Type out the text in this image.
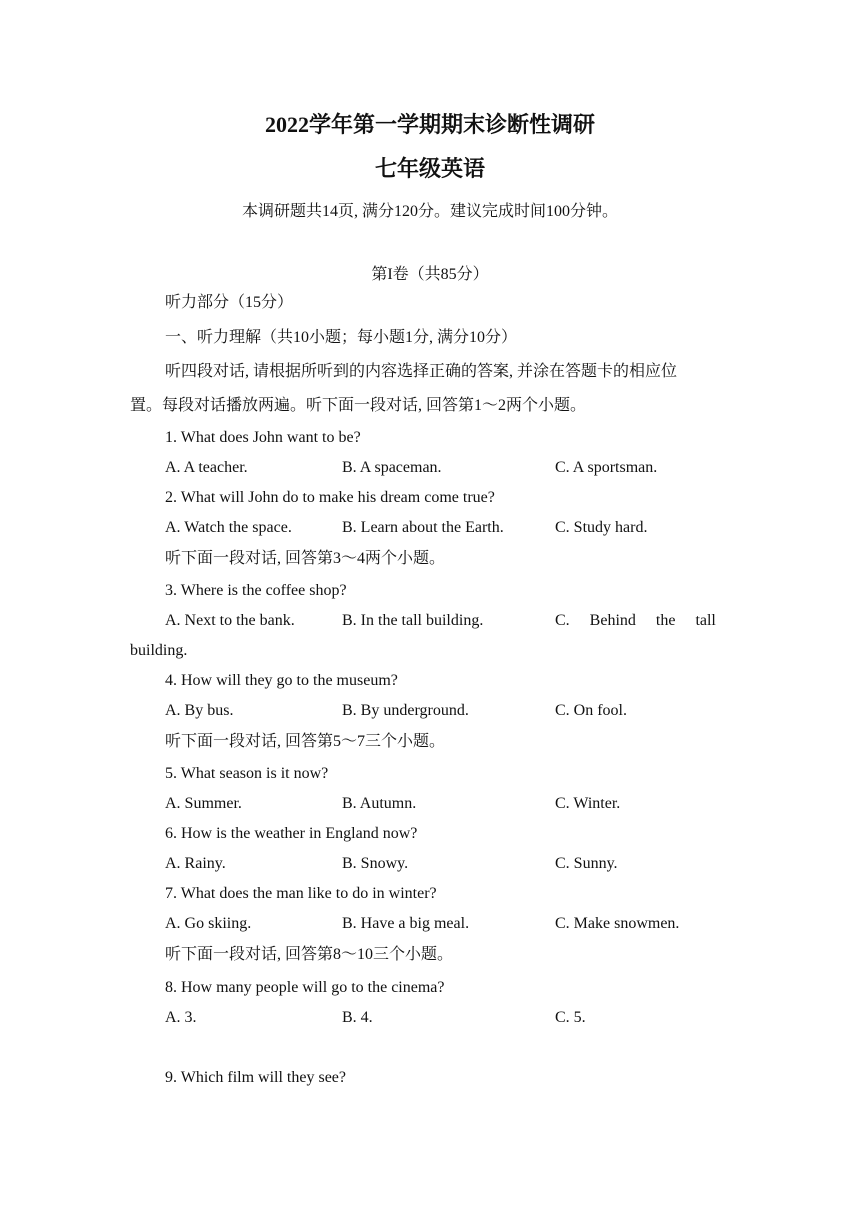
2022学年第一学期期末诊断性调研
七年级英语
本调研题共14页, 满分120分。建议完成时间100分钟。
第I卷（共85分）
听力部分（15分）
一、听力理解（共10小题；每小题1分, 满分10分）
听四段对话, 请根据所听到的内容选择正确的答案, 并涂在答题卡的相应位
置。每段对话播放两遍。听下面一段对话, 回答第1～2两个小题。
1. What does John want to be?
A. A teacher.	B. A spaceman.	C. A sportsman.
2. What will John do to make his dream come true?
A. Watch the space.	B. Learn about the Earth.	C. Study hard.
听下面一段对话, 回答第3～4两个小题。
3. Where is the coffee shop?
A. Next to the bank.	B. In the tall building.	C.     Behind     the     tall
building.
4. How will they go to the museum?
A. By bus.	B. By underground.	C. On fool.
听下面一段对话, 回答第5～7三个小题。
5. What season is it now?
A. Summer.	B. Autumn.	C. Winter.
6. How is the weather in England now?
A. Rainy.	B. Snowy.	C. Sunny.
7. What does the man like to do in winter?
A. Go skiing.	B. Have a big meal.	C. Make snowmen.
听下面一段对话, 回答第8～10三个小题。
8. How many people will go to the cinema?
A. 3.	B. 4.	C. 5.
9. Which film will they see?
